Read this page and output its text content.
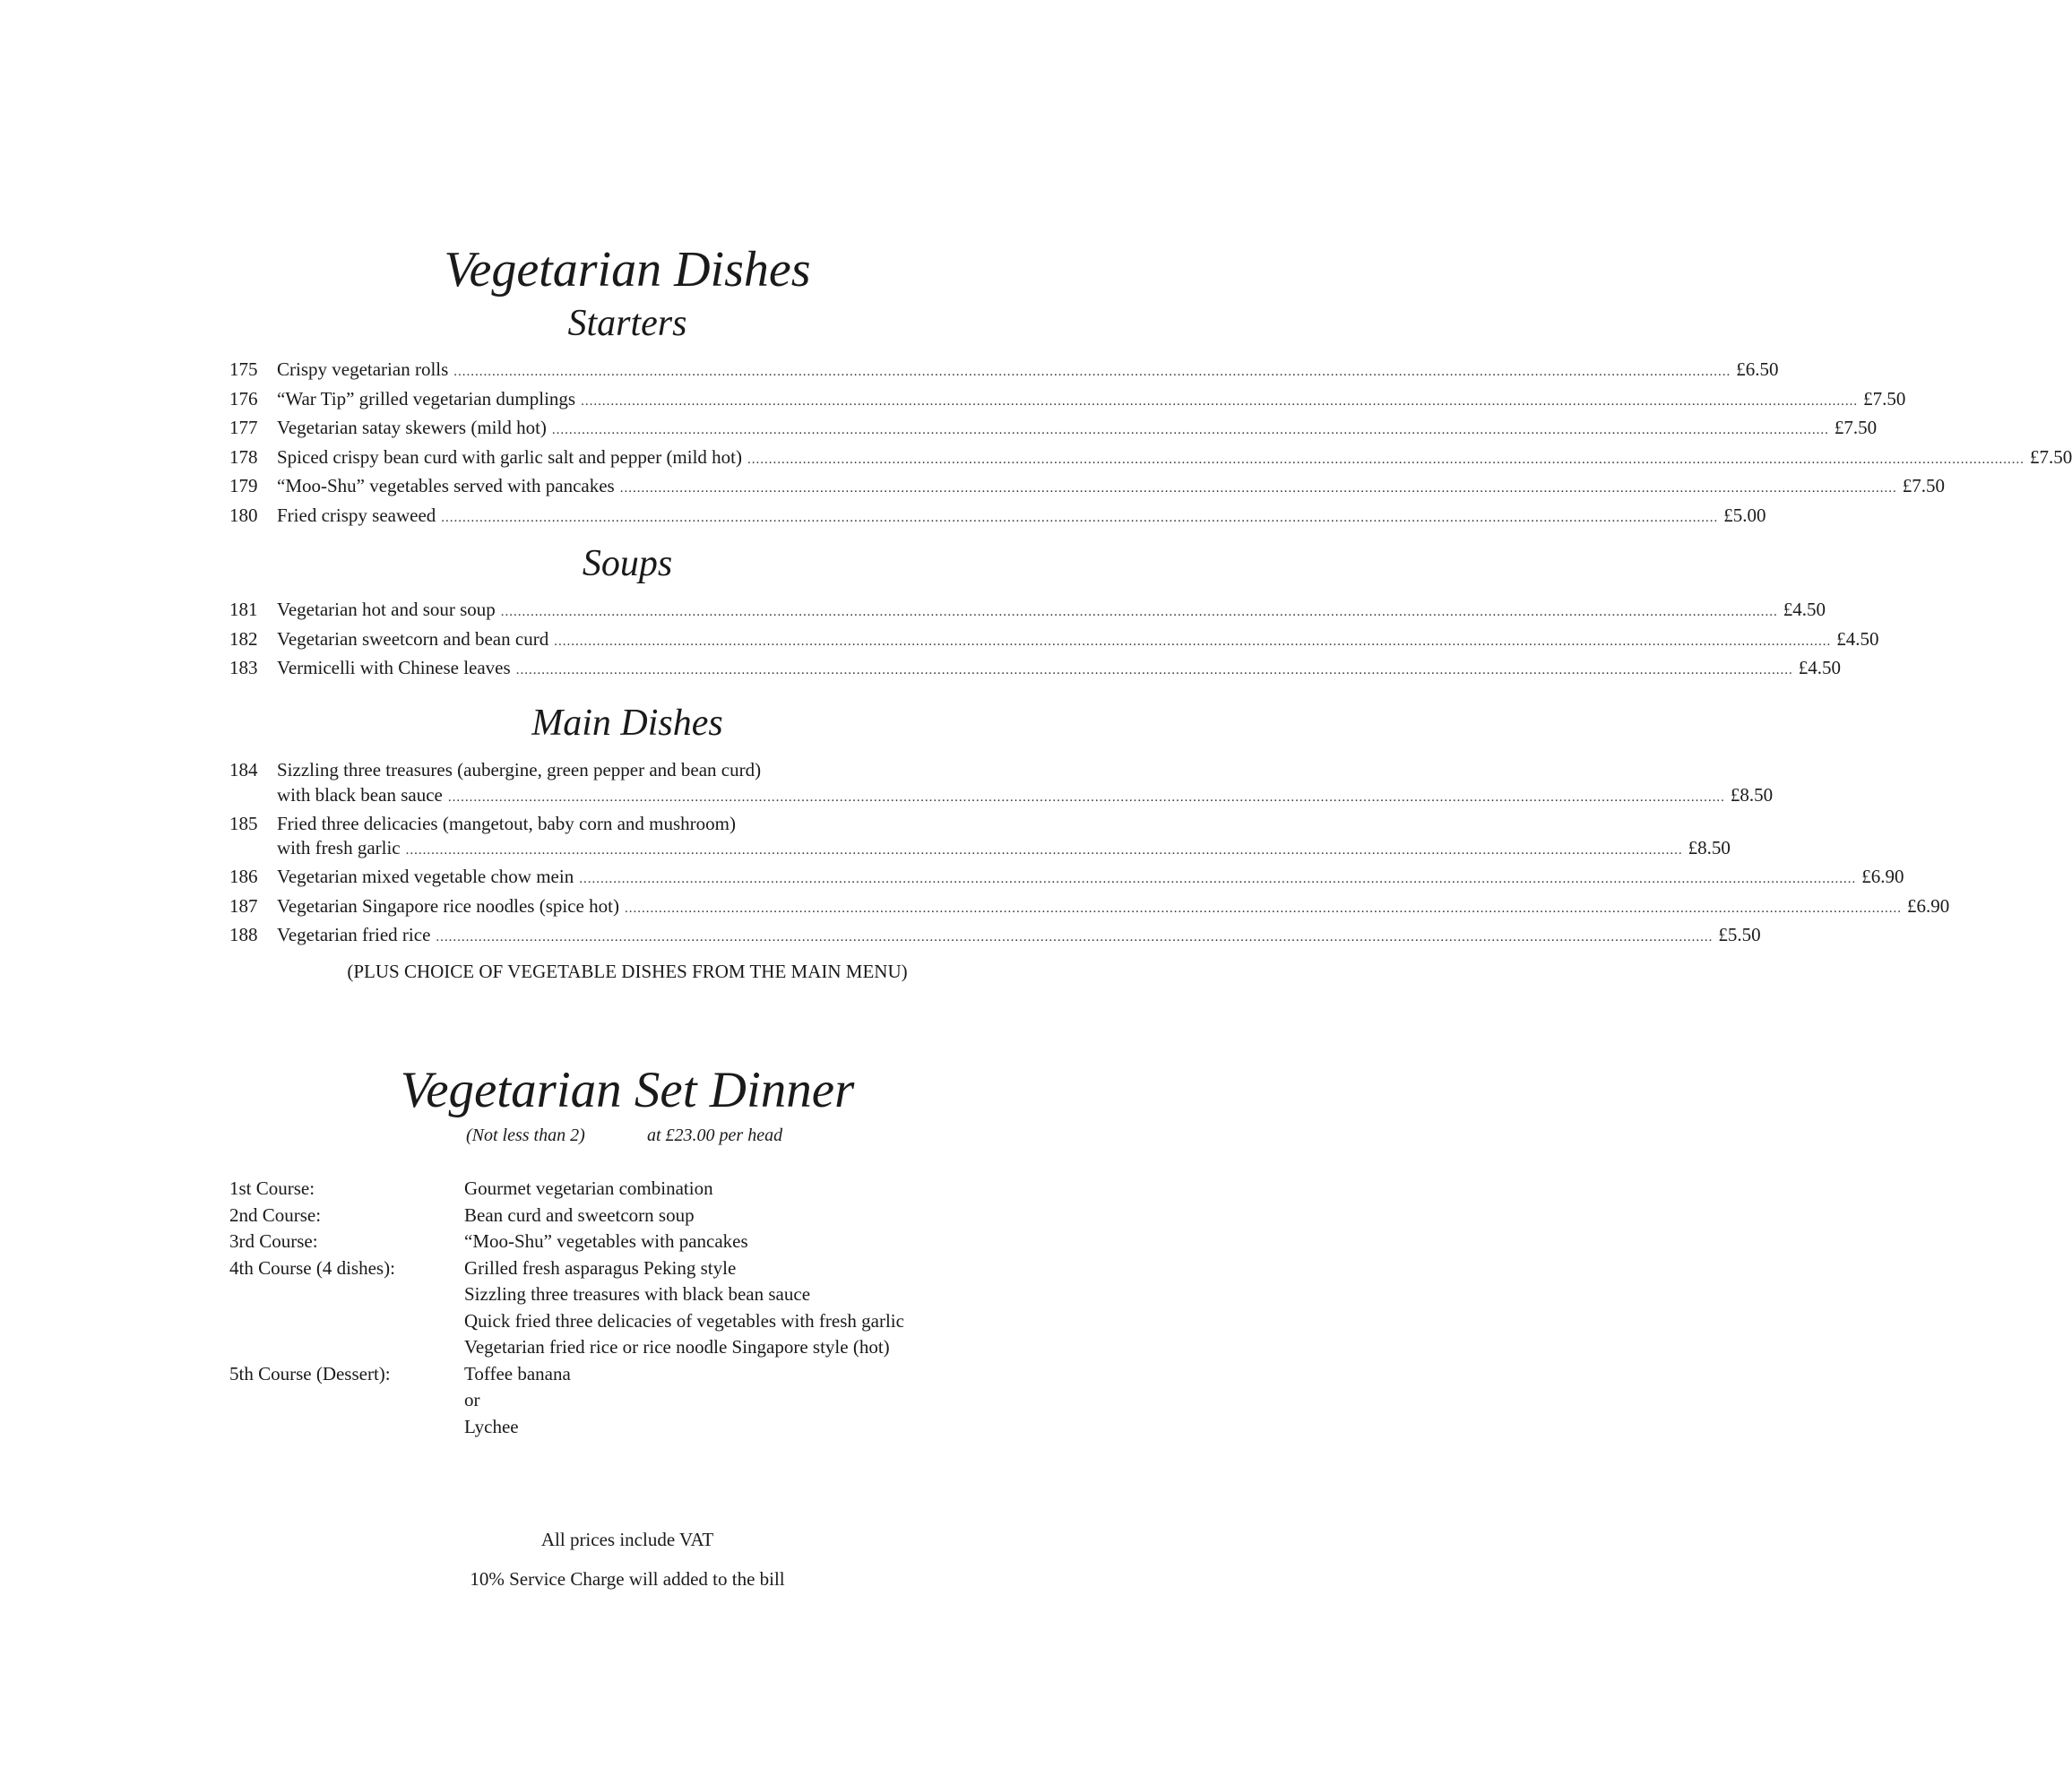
Vegetarian Dishes
Starters
175	Crispy vegetarian rolls ............................................................................................................................................................................................................................................................................................................ £6.50
176	“War Tip” grilled vegetarian dumplings ............................................................................................................................................................................................................................................................................................................ £7.50
177	Vegetarian satay skewers (mild hot) ............................................................................................................................................................................................................................................................................................................ £7.50
178	Spiced crispy bean curd with garlic salt and pepper (mild hot) ............................................................................................................................................................................................................................................................................................................ £7.50
179	“Moo-Shu” vegetables served with pancakes ............................................................................................................................................................................................................................................................................................................ £7.50
180	Fried crispy seaweed ............................................................................................................................................................................................................................................................................................................ £5.00
Soups
181	Vegetarian hot and sour soup ............................................................................................................................................................................................................................................................................................................ £4.50
182	Vegetarian sweetcorn and bean curd ............................................................................................................................................................................................................................................................................................................ £4.50
183	Vermicelli with Chinese leaves ............................................................................................................................................................................................................................................................................................................ £4.50
Main Dishes
184	Sizzling three treasures (aubergine, green pepper and bean curd)
with black bean sauce ............................................................................................................................................................................................................................................................................................................ £8.50
185	Fried three delicacies (mangetout, baby corn and mushroom)
with fresh garlic ............................................................................................................................................................................................................................................................................................................ £8.50
186	Vegetarian mixed vegetable chow mein ............................................................................................................................................................................................................................................................................................................ £6.90
187	Vegetarian Singapore rice noodles (spice hot) ............................................................................................................................................................................................................................................................................................................ £6.90
188	Vegetarian fried rice ............................................................................................................................................................................................................................................................................................................ £5.50
(PLUS CHOICE OF VEGETABLE DISHES FROM THE MAIN MENU)
Vegetarian Set Dinner
(Not less than 2)	at £23.00 per head
1st Course:	Gourmet vegetarian combination
2nd Course:	Bean curd and sweetcorn soup
3rd Course:	“Moo-Shu” vegetables with pancakes
4th Course (4 dishes):	Grilled fresh asparagus Peking style
Sizzling three treasures with black bean sauce
Quick fried three delicacies of vegetables with fresh garlic
Vegetarian fried rice or rice noodle Singapore style (hot)
5th Course (Dessert):	Toffee banana
or
Lychee
All prices include VAT
10% Service Charge will added to the bill
